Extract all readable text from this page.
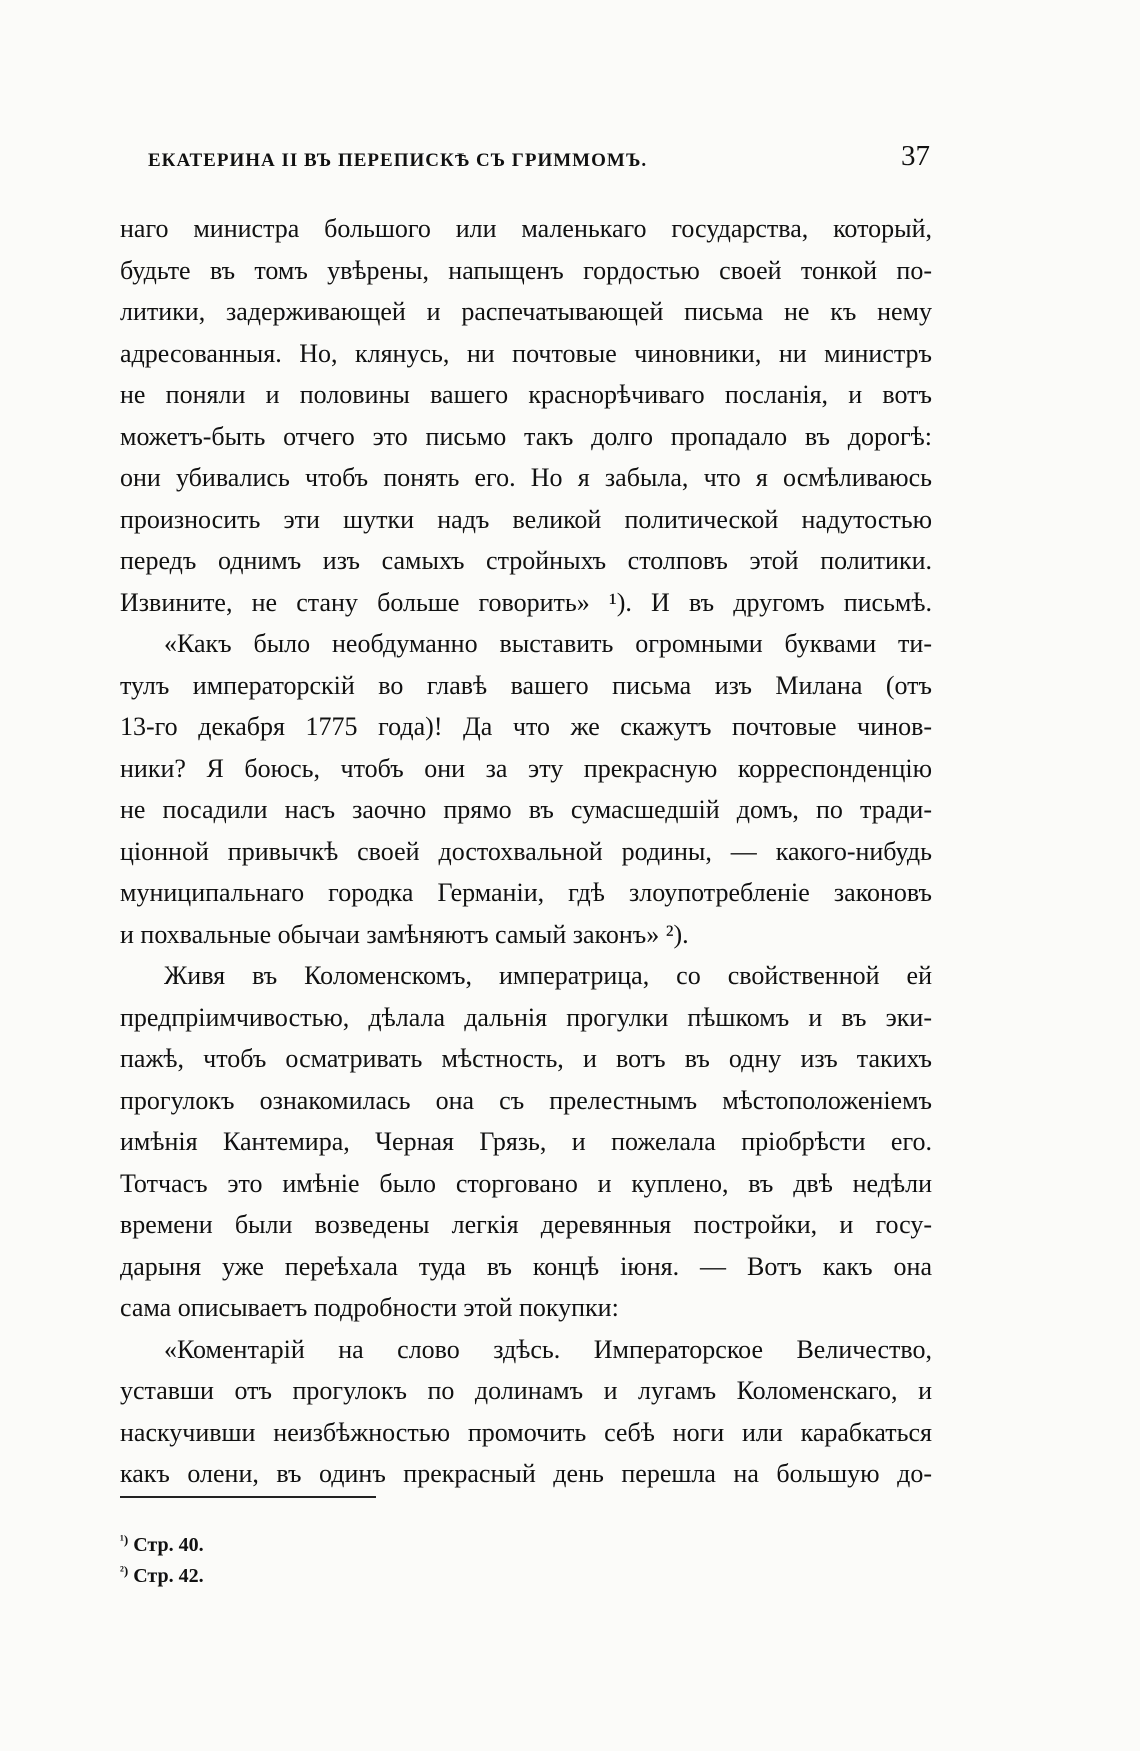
ЕКАТЕРИНА II ВЪ ПЕРЕПИСКѢ СЪ ГРИММОМЪ.	37
наго министра большого или маленькаго государства, который,
будьте въ томъ увѣрены, напыщенъ гордостью своей тонкой по-
литики, задерживающей и распечатывающей письма не къ нему
адресованныя. Но, клянусь, ни почтовые чиновники, ни министръ
не поняли и половины вашего краснорѣчиваго посланія, и вотъ
можетъ-быть отчего это письмо такъ долго пропадало въ дорогѣ:
они убивались чтобъ понять его. Но я забыла, что я осмѣливаюсь
произносить эти шутки надъ великой политической надутостью
передъ однимъ изъ самыхъ стройныхъ столповъ этой политики.
Извините, не стану больше говорить» ¹). И въ другомъ письмѣ.
«Какъ было необдуманно выставить огромными буквами ти-
тулъ императорскій во главѣ вашего письма изъ Милана (отъ
13-го декабря 1775 года)! Да что же скажутъ почтовые чинов-
ники? Я боюсь, чтобъ они за эту прекрасную корреспонденцію
не посадили насъ заочно прямо въ сумасшедшій домъ, по тради-
ціонной привычкѣ своей достохвальной родины, — какого-нибудь
муниципальнаго городка Германіи, гдѣ злоупотребленіе законовъ
и похвальные обычаи замѣняютъ самый законъ» ²).
Живя въ Коломенскомъ, императрица, со свойственной ей
предпріимчивостью, дѣлала дальнія прогулки пѣшкомъ и въ эки-
пажѣ, чтобъ осматривать мѣстность, и вотъ въ одну изъ такихъ
прогулокъ ознакомилась она съ прелестнымъ мѣстоположеніемъ
имѣнія Кантемира, Черная Грязь, и пожелала пріобрѣсти его.
Тотчасъ это имѣніе было сторговано и куплено, въ двѣ недѣли
времени были возведены легкія деревянныя постройки, и госу-
дарыня уже переѣхала туда въ концѣ іюня. — Вотъ какъ она
сама описываетъ подробности этой покупки:
«Коментарій на слово здѣсь. Императорское Величество,
уставши отъ прогулокъ по долинамъ и лугамъ Коломенскаго, и
наскучивши неизбѣжностью промочить себѣ ноги или карабкаться
какъ олени, въ одинъ прекрасный день перешла на большую до-
$^{^1)}$ Стр. 40.
$^{^2)}$ Стр. 42.
